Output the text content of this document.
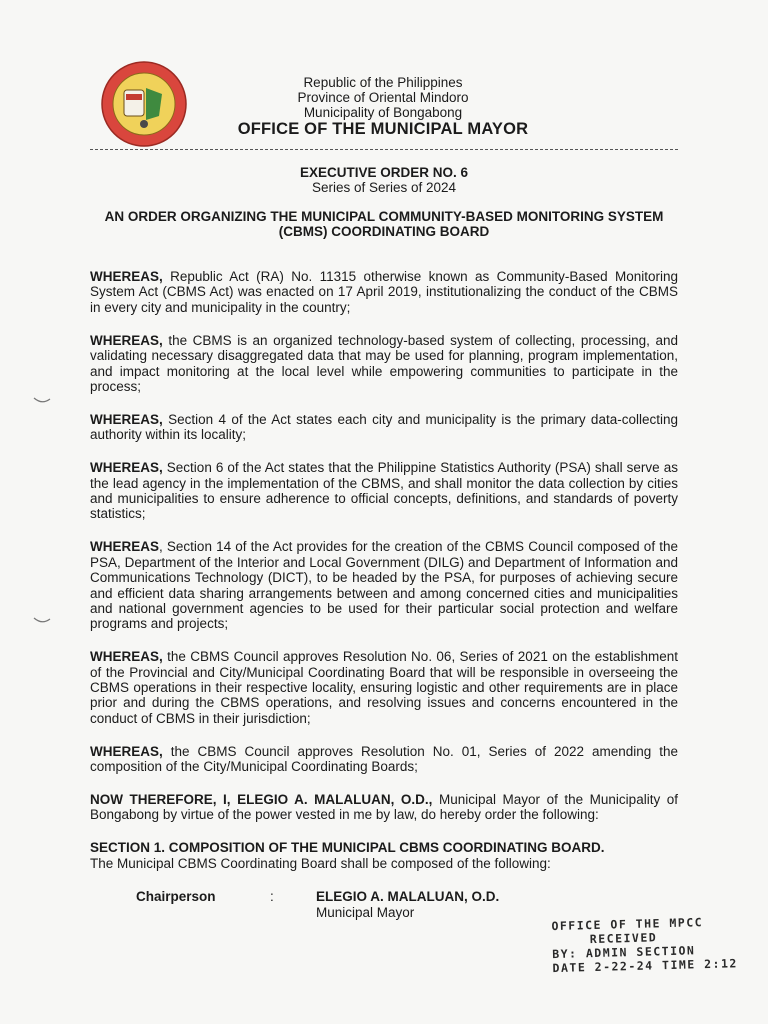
Republic of the Philippines
Province of Oriental Mindoro
Municipality of Bongabong
OFFICE OF THE MUNICIPAL MAYOR
EXECUTIVE ORDER NO. 6
Series of Series of 2024
AN ORDER ORGANIZING THE MUNICIPAL COMMUNITY-BASED MONITORING SYSTEM (CBMS) COORDINATING BOARD

WHEREAS, Republic Act (RA) No. 11315 otherwise known as Community-Based Monitoring System Act (CBMS Act) was enacted on 17 April 2019, institutionalizing the conduct of the CBMS in every city and municipality in the country;

WHEREAS, the CBMS is an organized technology-based system of collecting, processing, and validating necessary disaggregated data that may be used for planning, program implementation, and impact monitoring at the local level while empowering communities to participate in the process;

WHEREAS, Section 4 of the Act states each city and municipality is the primary data-collecting authority within its locality;

WHEREAS, Section 6 of the Act states that the Philippine Statistics Authority (PSA) shall serve as the lead agency in the implementation of the CBMS, and shall monitor the data collection by cities and municipalities to ensure adherence to official concepts, definitions, and standards of poverty statistics;

WHEREAS, Section 14 of the Act provides for the creation of the CBMS Council composed of the PSA, Department of the Interior and Local Government (DILG) and Department of Information and Communications Technology (DICT), to be headed by the PSA, for purposes of achieving secure and efficient data sharing arrangements between and among concerned cities and municipalities and national government agencies to be used for their particular social protection and welfare programs and projects;

WHEREAS, the CBMS Council approves Resolution No. 06, Series of 2021 on the establishment of the Provincial and City/Municipal Coordinating Board that will be responsible in overseeing the CBMS operations in their respective locality, ensuring logistic and other requirements are in place prior and during the CBMS operations, and resolving issues and concerns encountered in the conduct of CBMS in their jurisdiction;

WHEREAS, the CBMS Council approves Resolution No. 01, Series of 2022 amending the composition of the City/Municipal Coordinating Boards;

NOW THEREFORE, I, ELEGIO A. MALALUAN, O.D., Municipal Mayor of the Municipality of Bongabong by virtue of the power vested in me by law, do hereby order the following:

SECTION 1. COMPOSITION OF THE MUNICIPAL CBMS COORDINATING BOARD.
The Municipal CBMS Coordinating Board shall be composed of the following:

Chairperson	:	ELEGIO A. MALALUAN, O.D.
Municipal Mayor
OFFICE OF THE MPCC
RECEIVED
BY: ADMIN SECTION
DATE 2-22-24 TIME 2:12
